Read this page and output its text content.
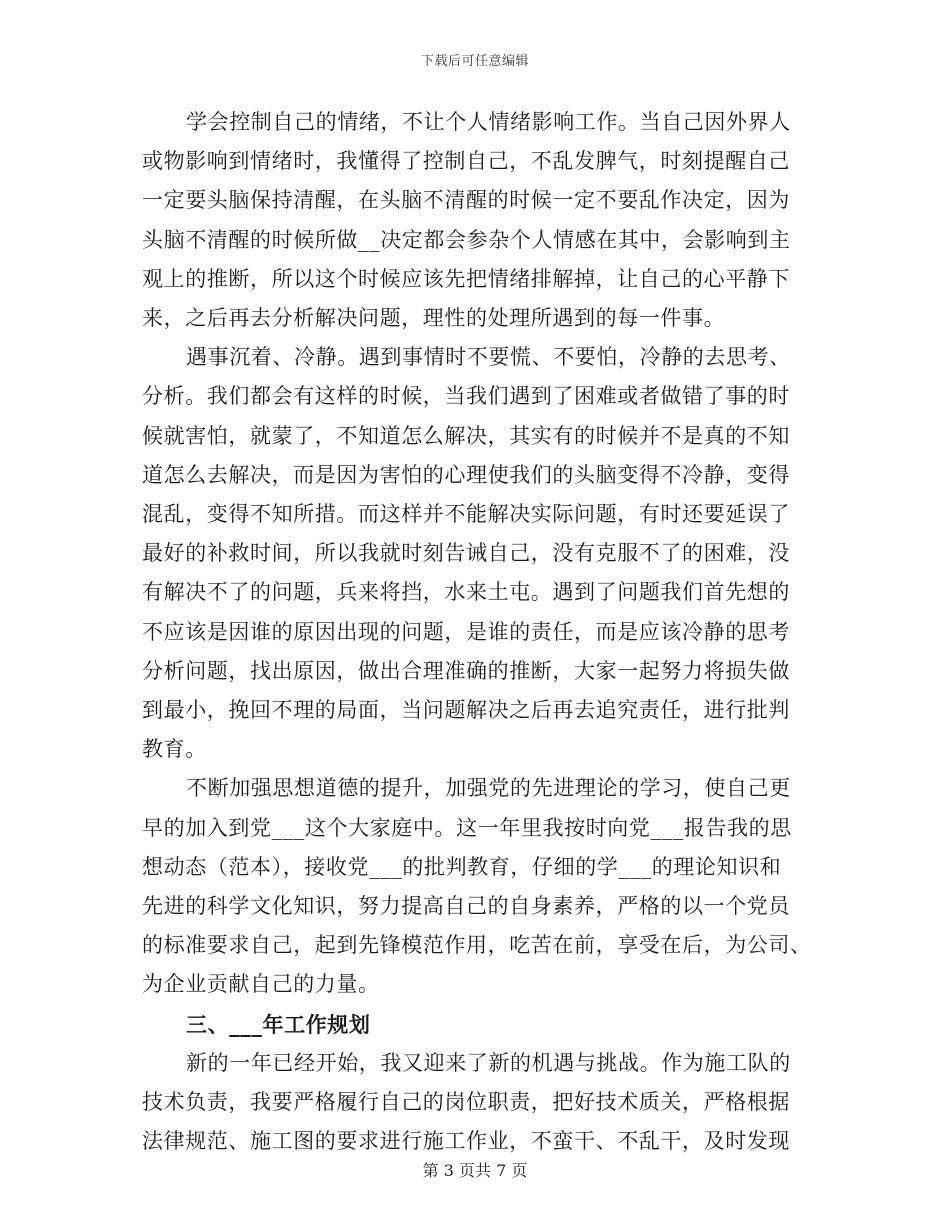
下载后可任意编辑

学会控制自己的情绪，不让个人情绪影响工作。当自己因外界人
或物影响到情绪时，我懂得了控制自己，不乱发脾气，时刻提醒自己
一定要头脑保持清醒，在头脑不清醒的时候一定不要乱作决定，因为
头脑不清醒的时候所做__决定都会参杂个人情感在其中，会影响到主
观上的推断，所以这个时候应该先把情绪排解掉，让自己的心平静下
来，之后再去分析解决问题，理性的处理所遇到的每一件事。

遇事沉着、冷静。遇到事情时不要慌、不要怕，冷静的去思考、
分析。我们都会有这样的时候，当我们遇到了困难或者做错了事的时
候就害怕，就蒙了，不知道怎么解决，其实有的时候并不是真的不知
道怎么去解决，而是因为害怕的心理使我们的头脑变得不冷静，变得
混乱，变得不知所措。而这样并不能解决实际问题，有时还要延误了
最好的补救时间，所以我就时刻告诫自己，没有克服不了的困难，没
有解决不了的问题，兵来将挡，水来土屯。遇到了问题我们首先想的
不应该是因谁的原因出现的问题，是谁的责任，而是应该冷静的思考
分析问题，找出原因，做出合理准确的推断，大家一起努力将损失做
到最小，挽回不理的局面，当问题解决之后再去追究责任，进行批判
教育。

不断加强思想道德的提升，加强党的先进理论的学习，使自己更
早的加入到党___这个大家庭中。这一年里我按时向党___报告我的思
想动态（范本），接收党___的批判教育，仔细的学___的理论知识和
先进的科学文化知识，努力提高自己的自身素养，严格的以一个党员
的标准要求自己，起到先锋模范作用，吃苦在前，享受在后，为公司、
为企业贡献自己的力量。

三、___年工作规划

新的一年已经开始，我又迎来了新的机遇与挑战。作为施工队的
技术负责，我要严格履行自己的岗位职责，把好技术质关，严格根据
法律规范、施工图的要求进行施工作业，不蛮干、不乱干，及时发现

第 3 页共 7 页
